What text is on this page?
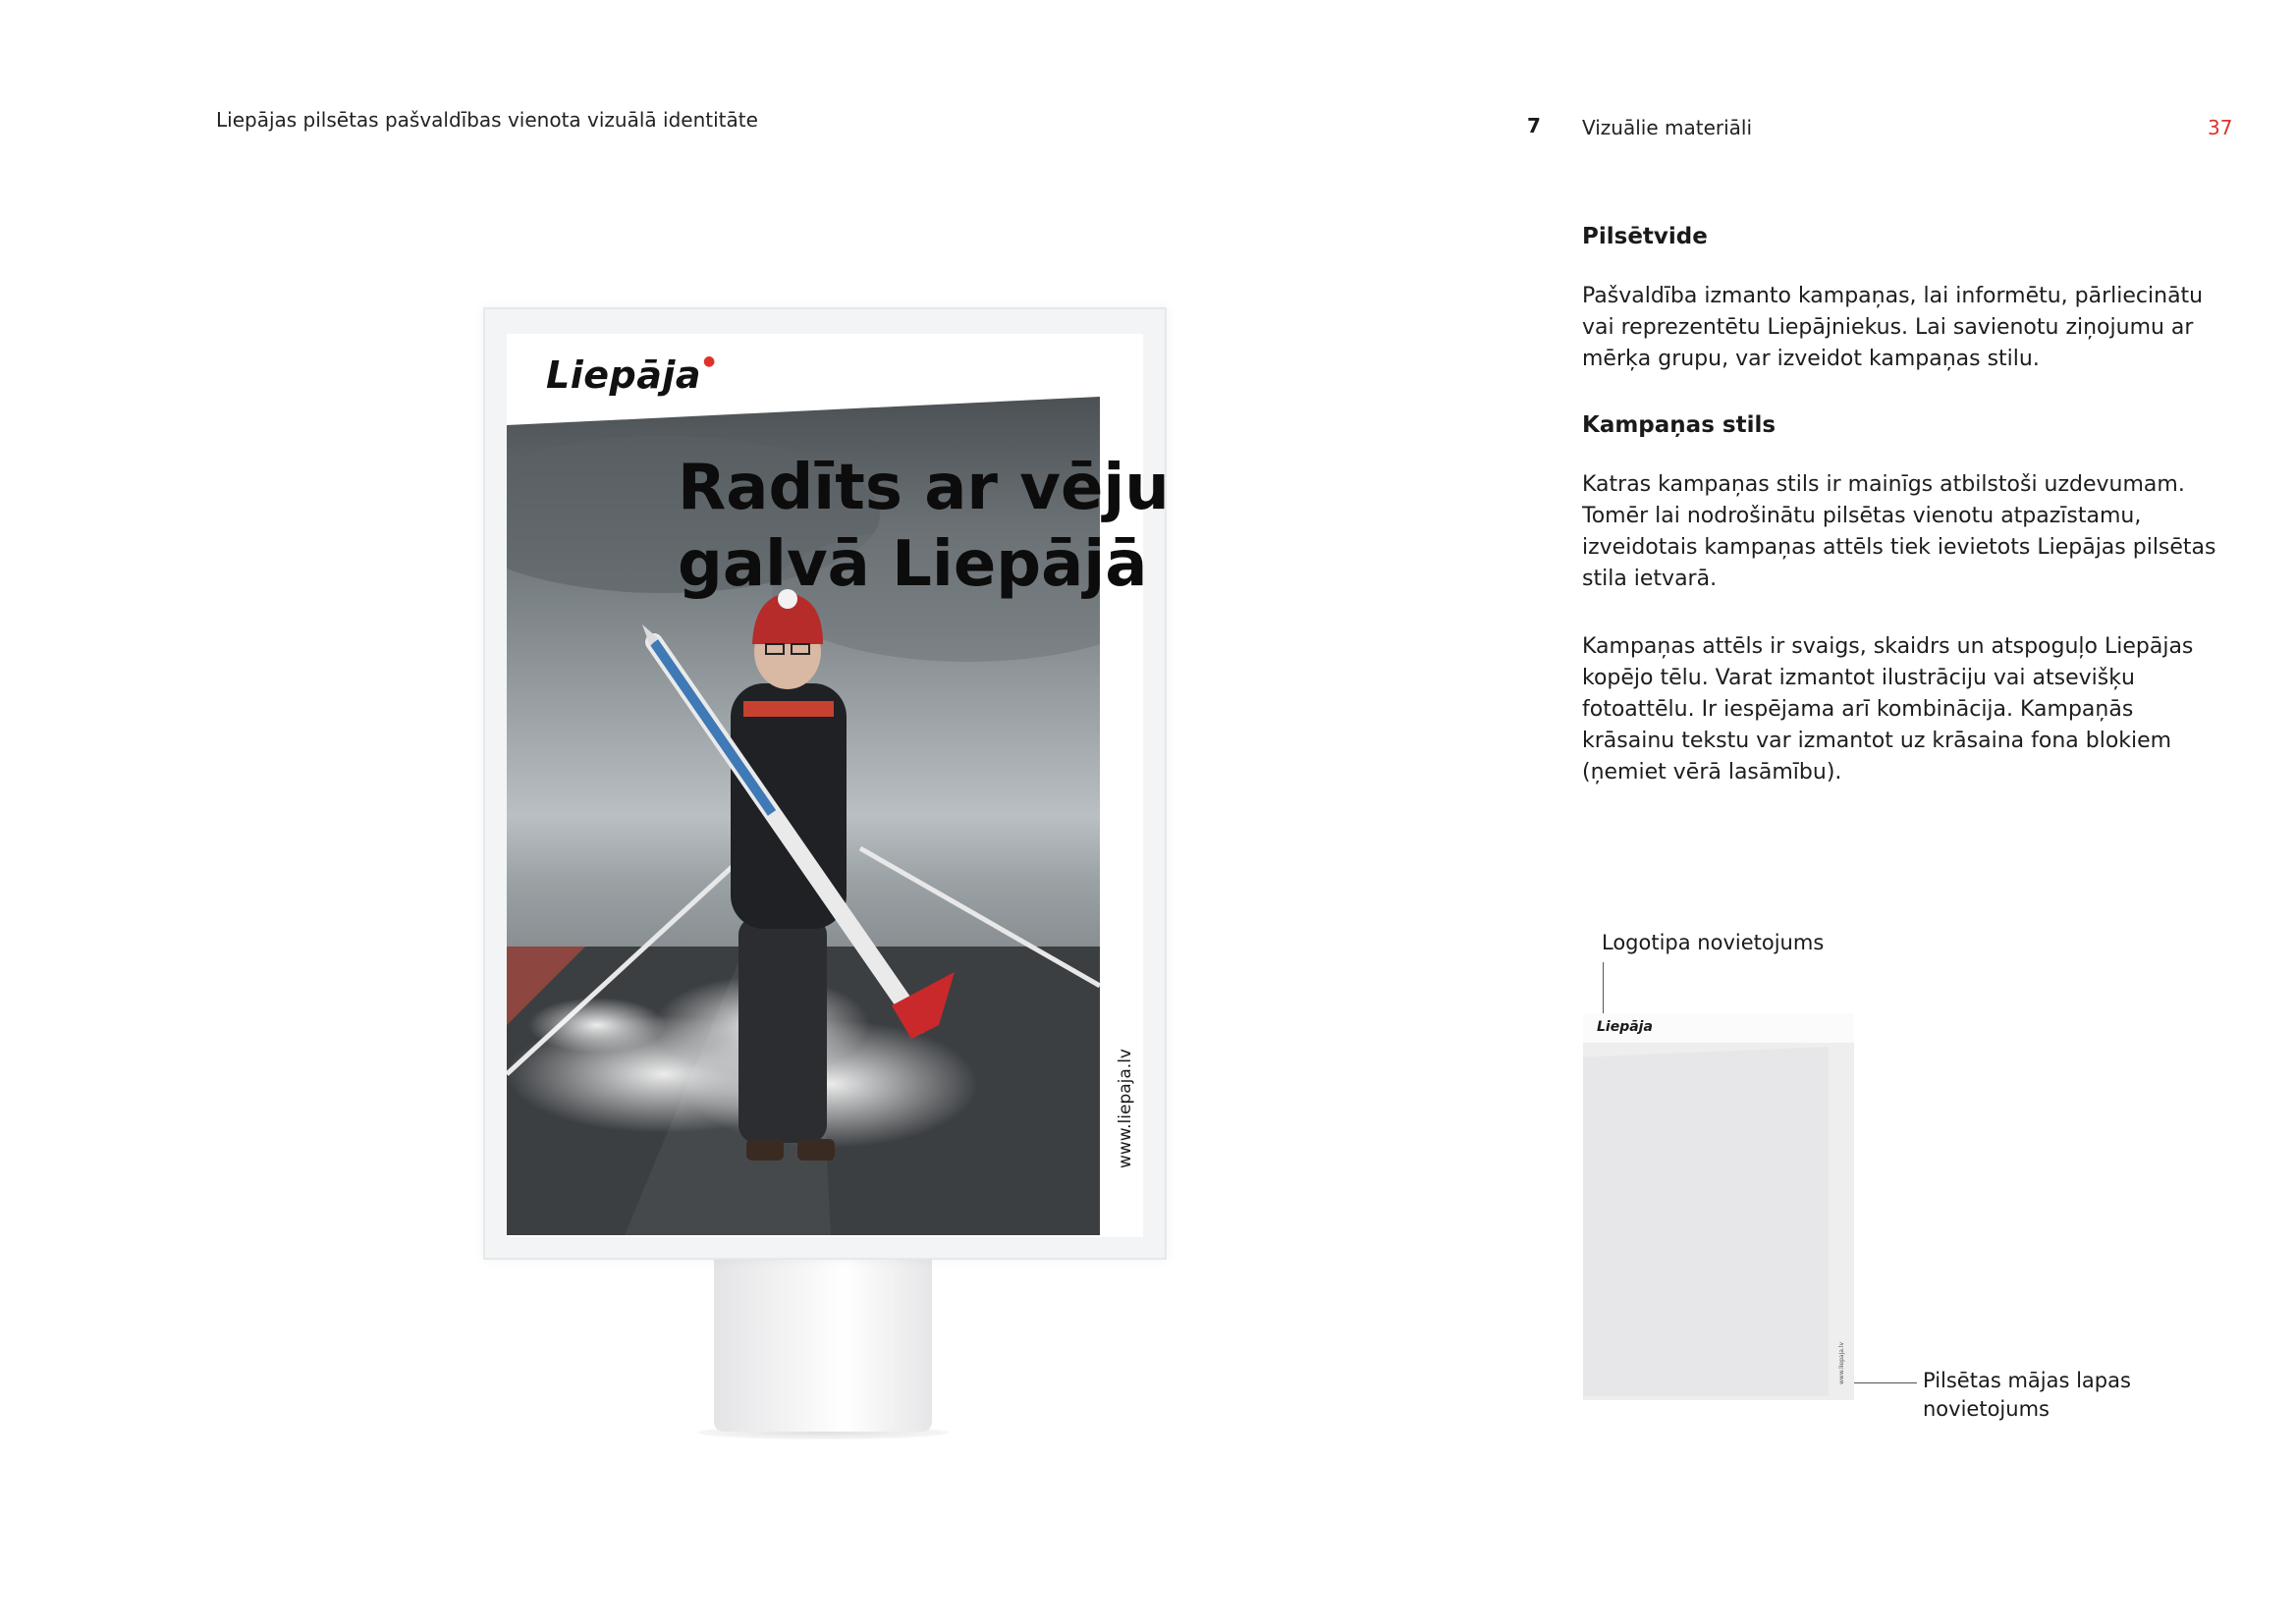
Liepājas pilsētas pašvaldības vienota vizuālā identitāte	7 Vizuālie materiāli	37
Liepāja ●
Radīts ar vēju
galvā Liepājā
www.liepaja.lv
Pilsētvide
Pašvaldība izmanto kampaņas, lai informētu, pārliecinātu vai reprezentētu Liepājniekus. Lai savienotu ziņojumu ar mērķa grupu, var izveidot kampaņas stilu.
Kampaņas stils
Katras kampaņas stils ir mainīgs atbilstoši uzdevumam. Tomēr lai nodrošinātu pilsētas vienotu atpazīstamu, izveidotais kampaņas attēls tiek ievietots Liepājas pilsētas stila ietvarā.
Kampaņas attēls ir svaigs, skaidrs un atspoguļo Liepājas kopējo tēlu. Varat izmantot ilustrāciju vai atsevišķu fotoattēlu. Ir iespējama arī kombinācija. Kampaņās krāsainu tekstu var izmantot uz krāsaina fona blokiem (ņemiet vērā lasāmību).
Logotipa novietojums
Liepāja
www.liepaja.lv	Pilsētas mājas lapas novietojums
